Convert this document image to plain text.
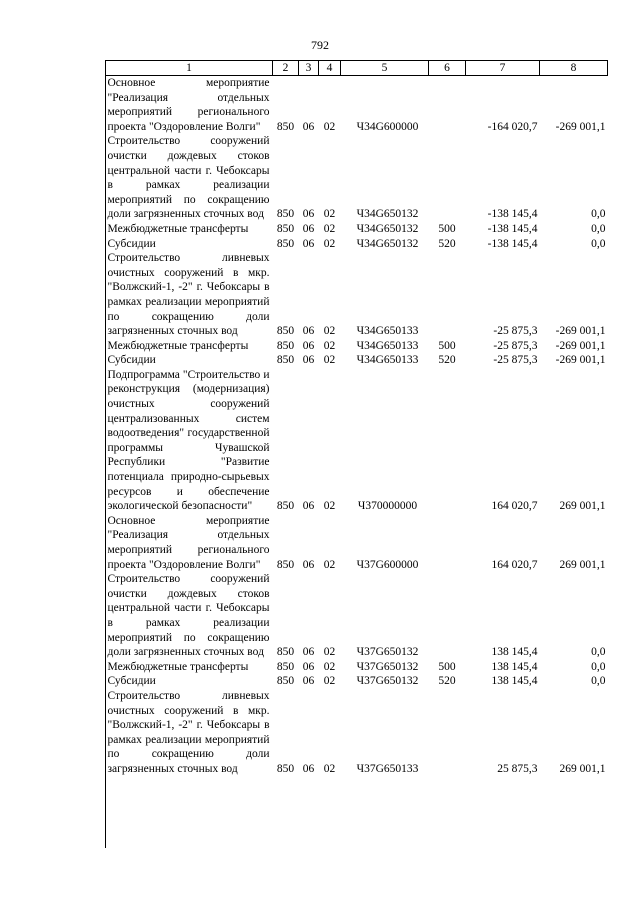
792
1	2	3	4	5	6	7	8
Основное мероприятие "Реализация отдельных мероприятий регионального проекта "Оздоровление Волги"	850	06	02	Ч34G600000		-164 020,7	-269 001,1
Строительство сооружений очистки дождевых стоков центральной части г. Чебоксары в рамках реализации мероприятий по сокращению доли загрязненных сточных вод	850	06	02	Ч34G650132		-138 145,4	0,0
Межбюджетные трансферты	850	06	02	Ч34G650132	500	-138 145,4	0,0
Субсидии	850	06	02	Ч34G650132	520	-138 145,4	0,0
Строительство ливневых очистных сооружений в мкр. "Волжский-1, -2" г. Чебоксары в рамках реализации мероприятий по сокращению доли загрязненных сточных вод	850	06	02	Ч34G650133		-25 875,3	-269 001,1
Межбюджетные трансферты	850	06	02	Ч34G650133	500	-25 875,3	-269 001,1
Субсидии	850	06	02	Ч34G650133	520	-25 875,3	-269 001,1
Подпрограмма "Строительство и реконструкция (модернизация) очистных сооружений централизованных систем водоотведения" государственной программы Чувашской Республики "Развитие потенциала природно-сырьевых ресурсов и обеспечение экологической безопасности"	850	06	02	Ч370000000		164 020,7	269 001,1
Основное мероприятие "Реализация отдельных мероприятий регионального проекта "Оздоровление Волги"	850	06	02	Ч37G600000		164 020,7	269 001,1
Строительство сооружений очистки дождевых стоков центральной части г. Чебоксары в рамках реализации мероприятий по сокращению доли загрязненных сточных вод	850	06	02	Ч37G650132		138 145,4	0,0
Межбюджетные трансферты	850	06	02	Ч37G650132	500	138 145,4	0,0
Субсидии	850	06	02	Ч37G650132	520	138 145,4	0,0
Строительство ливневых очистных сооружений в мкр. "Волжский-1, -2" г. Чебоксары в рамках реализации мероприятий по сокращению доли загрязненных сточных вод	850	06	02	Ч37G650133		25 875,3	269 001,1
